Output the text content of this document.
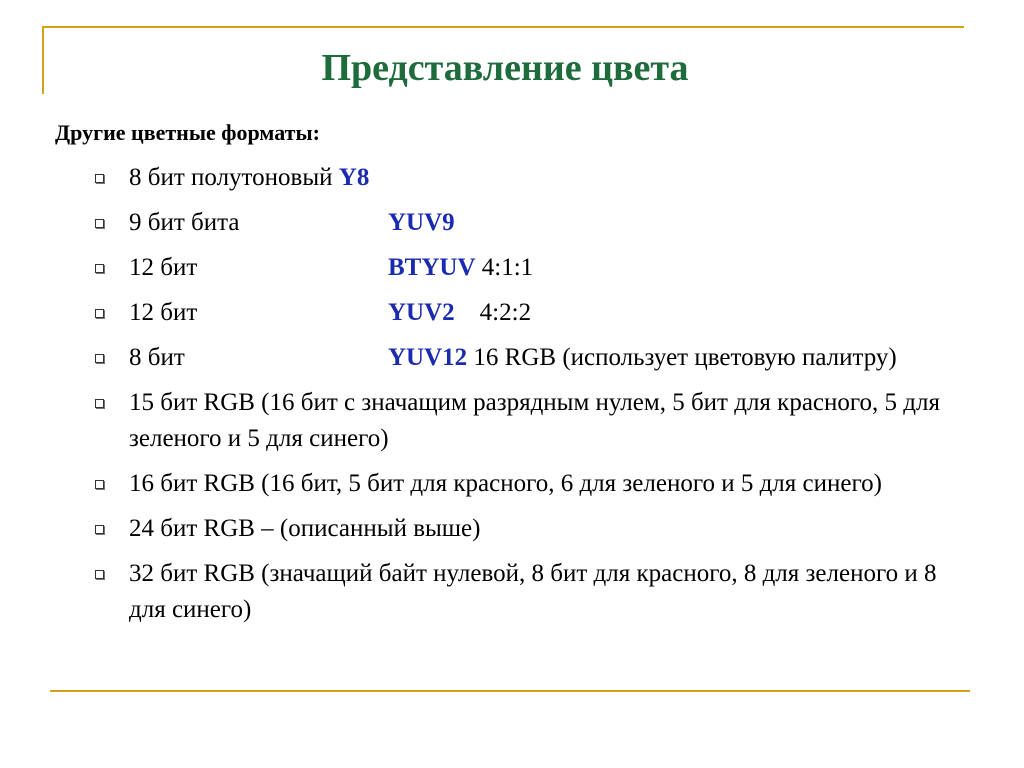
Представление цвета

Другие цветные форматы:

8 бит полутоновый Y8
9 бит бита	YUV9
12 бит	BTYUV 4:1:1
12 бит	YUV2    4:2:2
8 бит	YUV12 16 RGB (использует цветовую палитру)
15 бит RGB (16 бит с значащим разрядным нулем, 5 бит для красного, 5 для зеленого и 5 для синего)
16 бит RGB (16 бит, 5 бит для красного, 6 для зеленого и 5 для синего)
24 бит RGB – (описанный выше)
32 бит RGB (значащий байт нулевой, 8 бит для красного, 8 для зеленого и 8 для синего)
